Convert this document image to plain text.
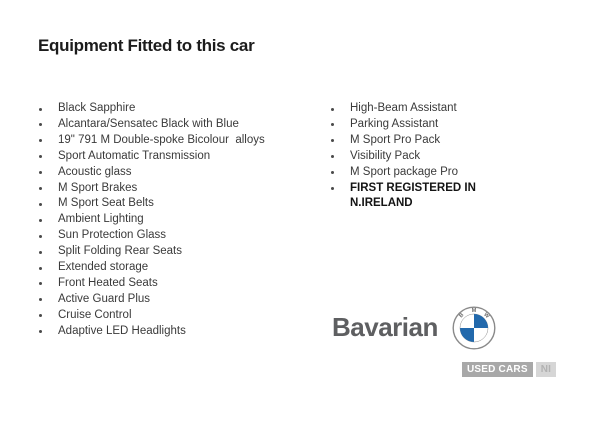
Equipment Fitted to this car
Black Sapphire
Alcantara/Sensatec Black with Blue
19" 791 M Double-spoke Bicolour  alloys
Sport Automatic Transmission
Acoustic glass
M Sport Brakes
M Sport Seat Belts
Ambient Lighting
Sun Protection Glass
Split Folding Rear Seats
Extended storage
Front Heated Seats
Active Guard Plus
Cruise Control
Adaptive LED Headlights
High-Beam Assistant
Parking Assistant
M Sport Pro Pack
Visibility Pack
M Sport package Pro
FIRST REGISTERED IN N.IRELAND
Bavarian	B
M
W
USED CARS	NI
